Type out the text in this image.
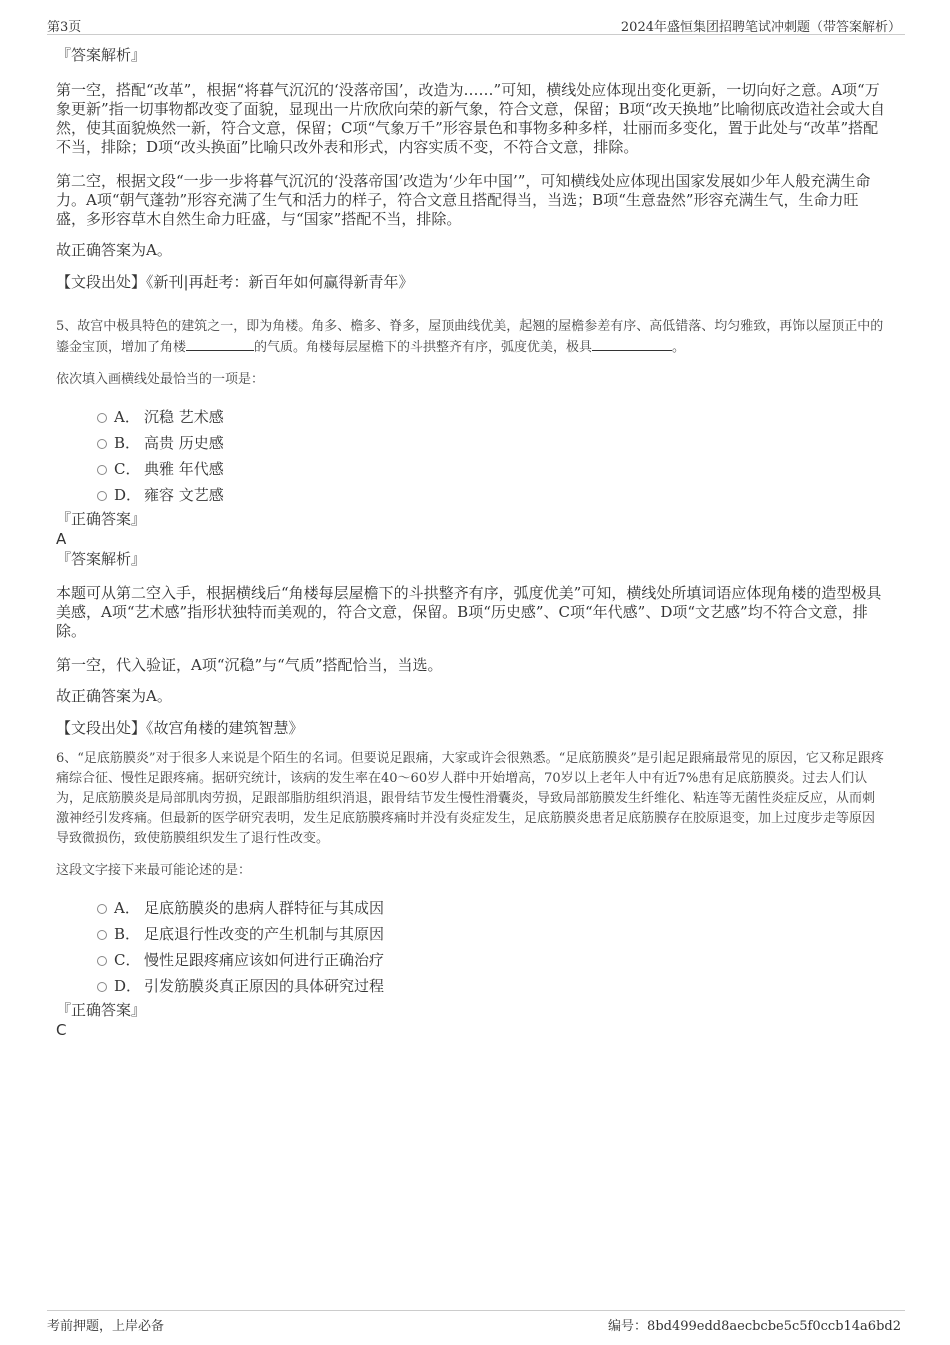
第3页	2024年盛恒集团招聘笔试冲刺题（带答案解析）

『答案解析』

第一空，搭配“改革”，根据“将暮气沉沉的‘没落帝国’，改造为……”可知，横线处应体现出变化更新，一切向好之意。A项“万象更新”指一切事物都改变了面貌，显现出一片欣欣向荣的新气象，符合文意，保留；B项“改天换地”比喻彻底改造社会或大自然，使其面貌焕然一新，符合文意，保留；C项“气象万千”形容景色和事物多种多样，壮丽而多变化，置于此处与“改革”搭配不当，排除；D项“改头换面”比喻只改外表和形式，内容实质不变，不符合文意，排除。

第二空，根据文段“一步一步将暮气沉沉的‘没落帝国’改造为‘少年中国’”，可知横线处应体现出国家发展如少年人般充满生命力。A项“朝气蓬勃”形容充满了生气和活力的样子，符合文意且搭配得当，当选；B项“生意盎然”形容充满生气，生命力旺盛，多形容草木自然生命力旺盛，与“国家”搭配不当，排除。

故正确答案为A。

【文段出处】《新刊|再赶考：新百年如何赢得新青年》

5、故宫中极具特色的建筑之一，即为角楼。角多、檐多、脊多，屋顶曲线优美，起翘的屋檐参差有序、高低错落、均匀雅致，再饰以屋顶正中的鎏金宝顶，增加了角楼	的气质。角楼每层屋檐下的斗拱整齐有序，弧度优美，极具	。

依次填入画横线处最恰当的一项是：

A． 沉稳 艺术感
B． 高贵 历史感
C． 典雅 年代感
D． 雍容 文艺感

『正确答案』

A

『答案解析』

本题可从第二空入手，根据横线后“角楼每层屋檐下的斗拱整齐有序，弧度优美”可知，横线处所填词语应体现角楼的造型极具美感，A项“艺术感”指形状独特而美观的，符合文意，保留。B项“历史感”、C项“年代感”、D项“文艺感”均不符合文意，排除。

第一空，代入验证，A项“沉稳”与“气质”搭配恰当，当选。

故正确答案为A。

【文段出处】《故宫角楼的建筑智慧》

6、“足底筋膜炎”对于很多人来说是个陌生的名词。但要说足跟痛，大家或许会很熟悉。“足底筋膜炎”是引起足跟痛最常见的原因，它又称足跟疼痛综合征、慢性足跟疼痛。据研究统计，该病的发生率在40～60岁人群中开始增高，70岁以上老年人中有近7%患有足底筋膜炎。过去人们认为，足底筋膜炎是局部肌肉劳损，足跟部脂肪组织消退，跟骨结节发生慢性滑囊炎，导致局部筋膜发生纤维化、粘连等无菌性炎症反应，从而刺激神经引发疼痛。但最新的医学研究表明，发生足底筋膜疼痛时并没有炎症发生，足底筋膜炎患者足底筋膜存在胶原退变，加上过度步走等原因导致微损伤，致使筋膜组织发生了退行性改变。

这段文字接下来最可能论述的是：

A． 足底筋膜炎的患病人群特征与其成因
B． 足底退行性改变的产生机制与其原因
C． 慢性足跟疼痛应该如何进行正确治疗
D． 引发筋膜炎真正原因的具体研究过程

『正确答案』

C

考前押题，上岸必备	编号：8bd499edd8aecbcbe5c5f0ccb14a6bd2
